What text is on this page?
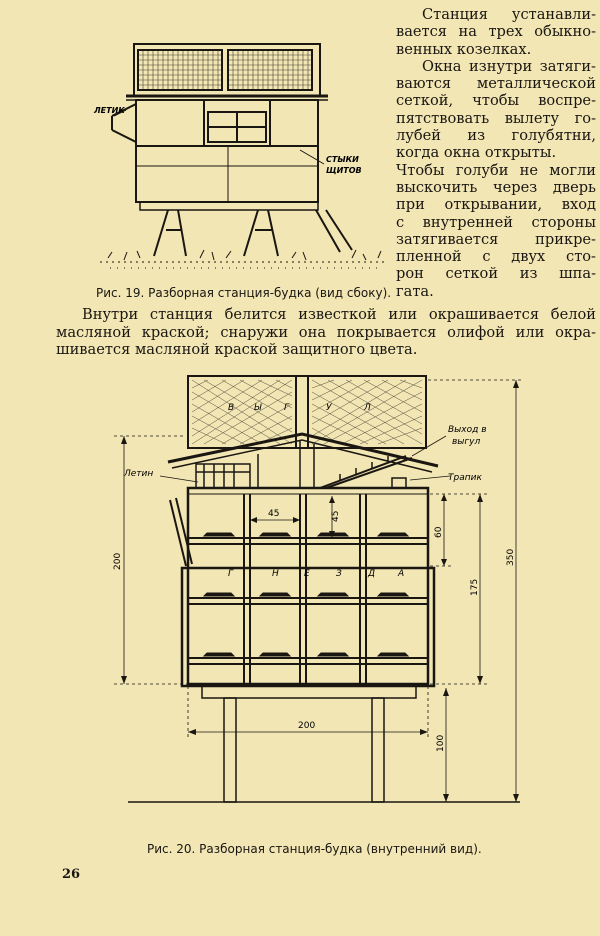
ЛЕТИК
СТЫКИ
ЩИТОВ
В Ы	Г	У	Л
Г	Н	Е	З	Д	А
Летин
Выход в
выгул
Трапик
45	45
200
60
175
350
200
100
Станция устанавли-
вается на трех обыкно-
венных козелках.
Окна изнутри затяги-
ваются металлической
сеткой, чтобы воспре-
пятствовать вылету го-
лубей из голубятни,
когда окна открыты.
Чтобы голуби не могли
выскочить через дверь
при открывании, вход
с внутренней стороны
затягивается прикре-
пленной с двух сто-
рон сеткой из шпа-
гата.
Рис. 19. Разборная станция-будка (вид сбоку).
Внутри станция белится известкой или окрашивается белой
масляной краской; снаружи она покрывается олифой или окра-
шивается масляной краской защитного цвета.
Рис. 20. Разборная станция-будка (внутренний вид).
26
